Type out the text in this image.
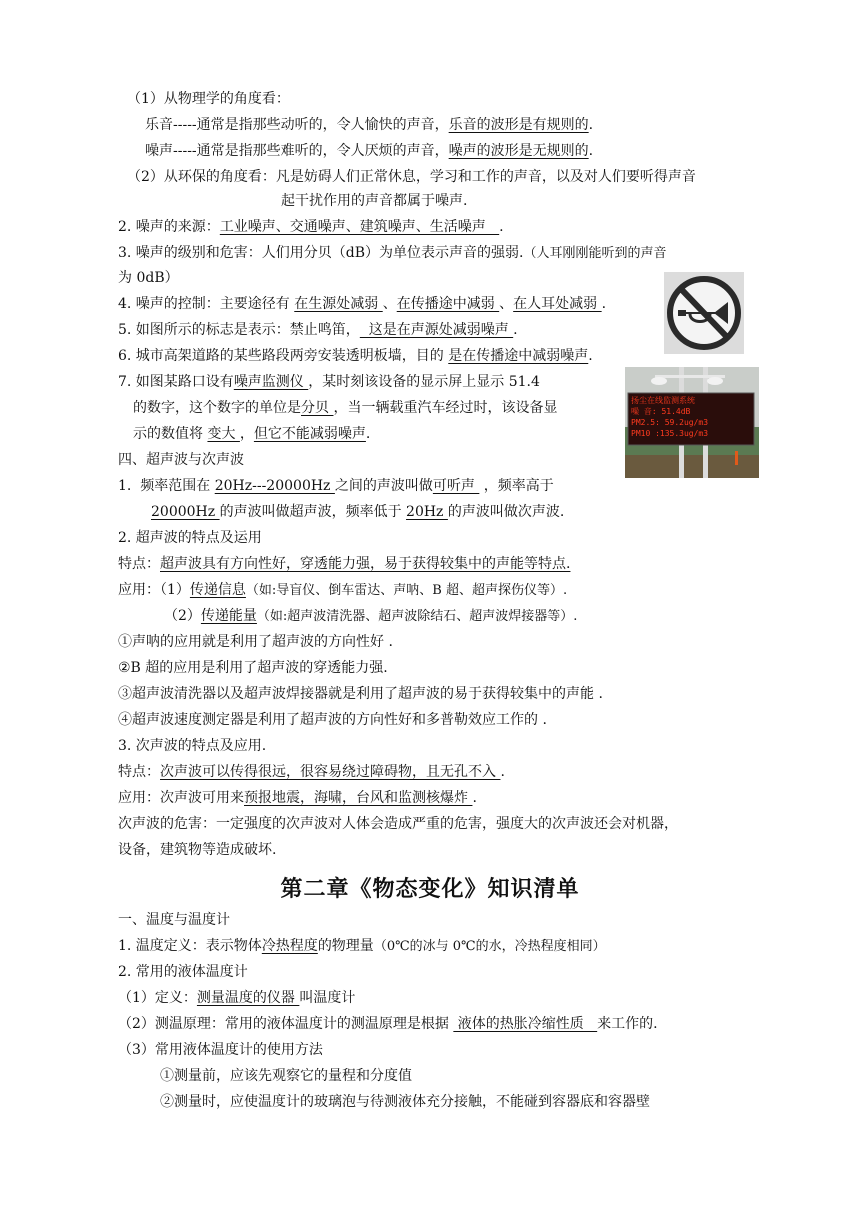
（1）从物理学的角度看：
乐音-----通常是指那些动听的，令人愉快的声音，乐音的波形是有规则的.
噪声-----通常是指那些难听的，令人厌烦的声音，噪声的波形是无规则的.
（2）从环保的角度看：凡是妨碍人们正常休息，学习和工作的声音，以及对人们要听得声音
起干扰作用的声音都属于噪声.
2. 噪声的来源：工业噪声、交通噪声、建筑噪声、生活噪声   .
3. 噪声的级别和危害：人们用分贝（dB）为单位表示声音的强弱.（人耳刚刚能听到的声音
为 0dB）
4. 噪声的控制：主要途径有 在生源处减弱 、在传播途中减弱 、在人耳处减弱 .
5. 如图所示的标志是表示：禁止鸣笛，  这是在声源处减弱噪声 .
6. 城市高架道路的某些路段两旁安装透明板墙，目的 是在传播途中减弱噪声.
7. 如图某路口设有噪声监测仪 ，某时刻该设备的显示屏上显示 51.4
的数字，这个数字的单位是分贝 ，当一辆载重汽车经过时，该设备显
示的数值将 变大 ，但它不能减弱噪声.
四、超声波与次声波
1.  频率范围在 20Hz---20000Hz 之间的声波叫做可听声  ，频率高于
20000Hz 的声波叫做超声波，频率低于 20Hz 的声波叫做次声波.
2. 超声波的特点及运用
特点：超声波具有方向性好，穿透能力强，易于获得较集中的声能等特点.
应用：（1）传递信息（如:导盲仪、倒车雷达、声呐、B 超、超声探伤仪等）.
（2）传递能量（如:超声波清洗器、超声波除结石、超声波焊接器等）.
①声呐的应用就是利用了超声波的方向性好 .
②B 超的应用是利用了超声波的穿透能力强.
③超声波清洗器以及超声波焊接器就是利用了超声波的易于获得较集中的声能 .
④超声波速度测定器是利用了超声波的方向性好和多普勒效应工作的 .
3. 次声波的特点及应用.
特点：次声波可以传得很远，很容易绕过障碍物，且无孔不入 .
应用：次声波可用来预报地震，海啸，台风和监测核爆炸 .
次声波的危害：一定强度的次声波对人体会造成严重的危害，强度大的次声波还会对机器，
设备，建筑物等造成破坏.
第二章《物态变化》知识清单
一、温度与温度计
1. 温度定义：表示物体冷热程度的物理量（0℃的冰与 0℃的水，冷热程度相同）
2. 常用的液体温度计
（1）定义：测量温度的仪器 叫温度计
（2）测温原理：常用的液体温度计的测温原理是根据  液体的热胀冷缩性质   来工作的.
（3）常用液体温度计的使用方法
①测量前，应该先观察它的量程和分度值
②测量时，应使温度计的玻璃泡与待测液体充分接触，不能碰到容器底和容器壁
扬尘在线监测系统
噪 音: 51.4dB
PM2.5: 59.2ug/m3
PM10 :135.3ug/m3
